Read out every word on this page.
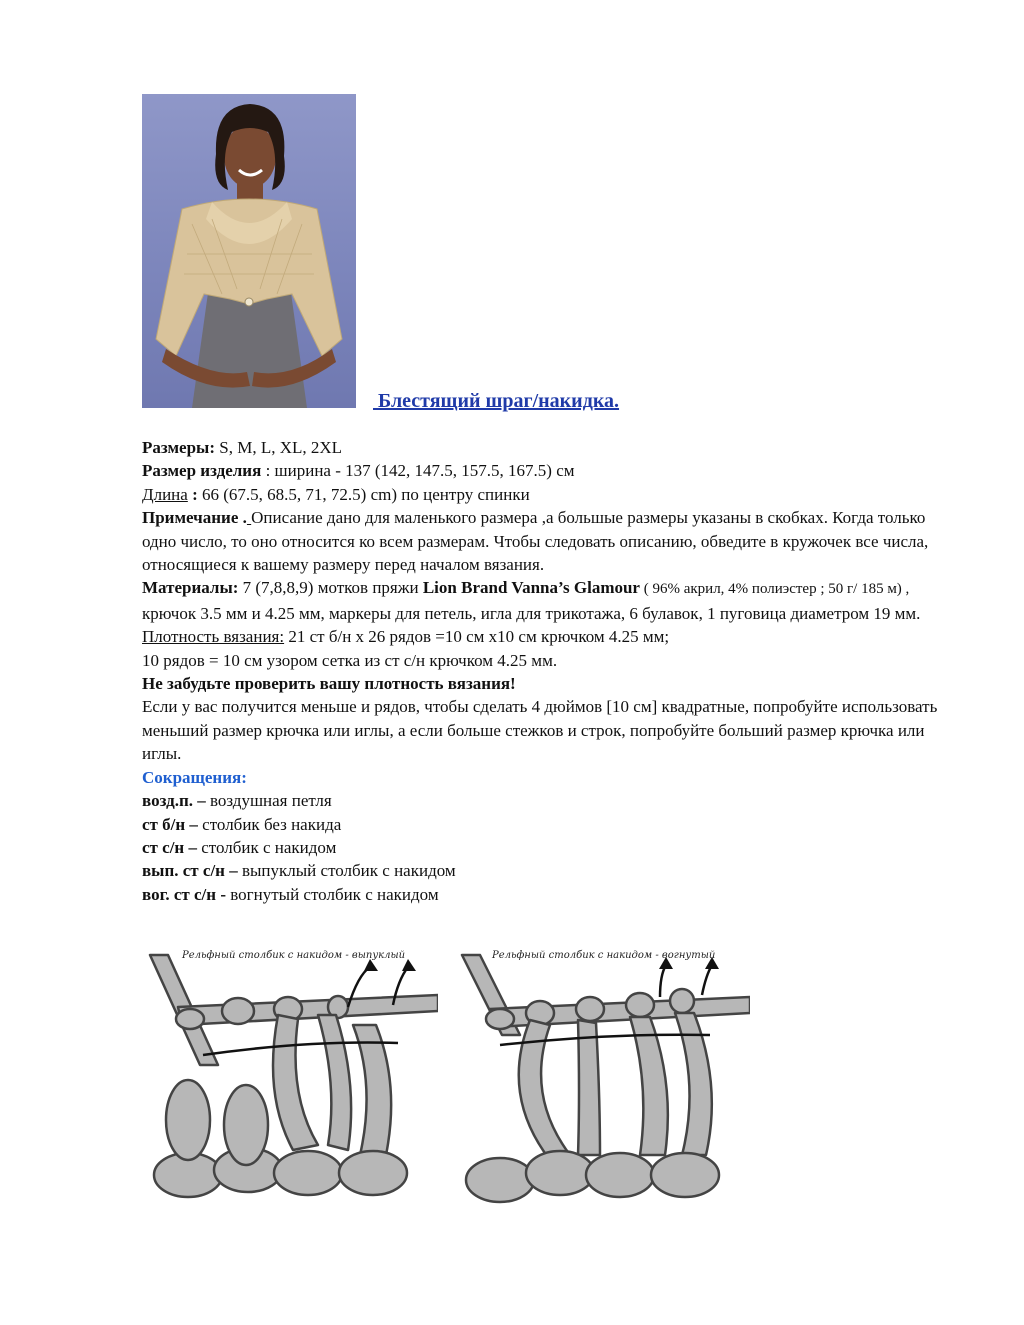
Блестящий шраг/накидка.

Размеры: S, M, L, XL, 2XL

Размер изделия : ширина - 137 (142, 147.5, 157.5, 167.5) см

Длина : 66 (67.5, 68.5, 71, 72.5) cm) по центру спинки

Примечание . Описание дано для маленького размера ,а большые размеры указаны в скобках. Когда только одно число, то оно относится ко всем размерам. Чтобы следовать описанию, обведите в кружочек все числа, относящиеся к вашему размеру перед началом вязания.

Материалы: 7 (7,8,8,9) мотков пряжи Lion Brand Vanna’s Glamour ( 96% акрил, 4% полиэстер ; 50 г/ 185 м) , крючок 3.5 мм и 4.25 мм, маркеры для петель, игла для трикотажа, 6 булавок, 1 пуговица диаметром 19 мм.

Плотность вязания: 21 ст б/н х 26 рядов =10 см х10 см крючком 4.25 мм;

10 рядов = 10 см узором сетка из ст с/н крючком 4.25 мм.

Не забудьте проверить вашу плотность вязания!

Если у вас получится меньше и рядов, чтобы сделать 4 дюймов [10 см] квадратные, попробуйте использовать меньший размер крючка или иглы, а если больше стежков и строк, попробуйте больший размер крючка или иглы.

Сокращения:

возд.п. – воздушная петля

ст б/н – столбик без накида

ст с/н – столбик с накидом

вып. ст с/н – выпуклый столбик с накидом

вог. ст с/н - вогнутый столбик с накидом

Рельфный столбик с накидом - выпуклый	Рельфный столбик с накидом - вогнутый
